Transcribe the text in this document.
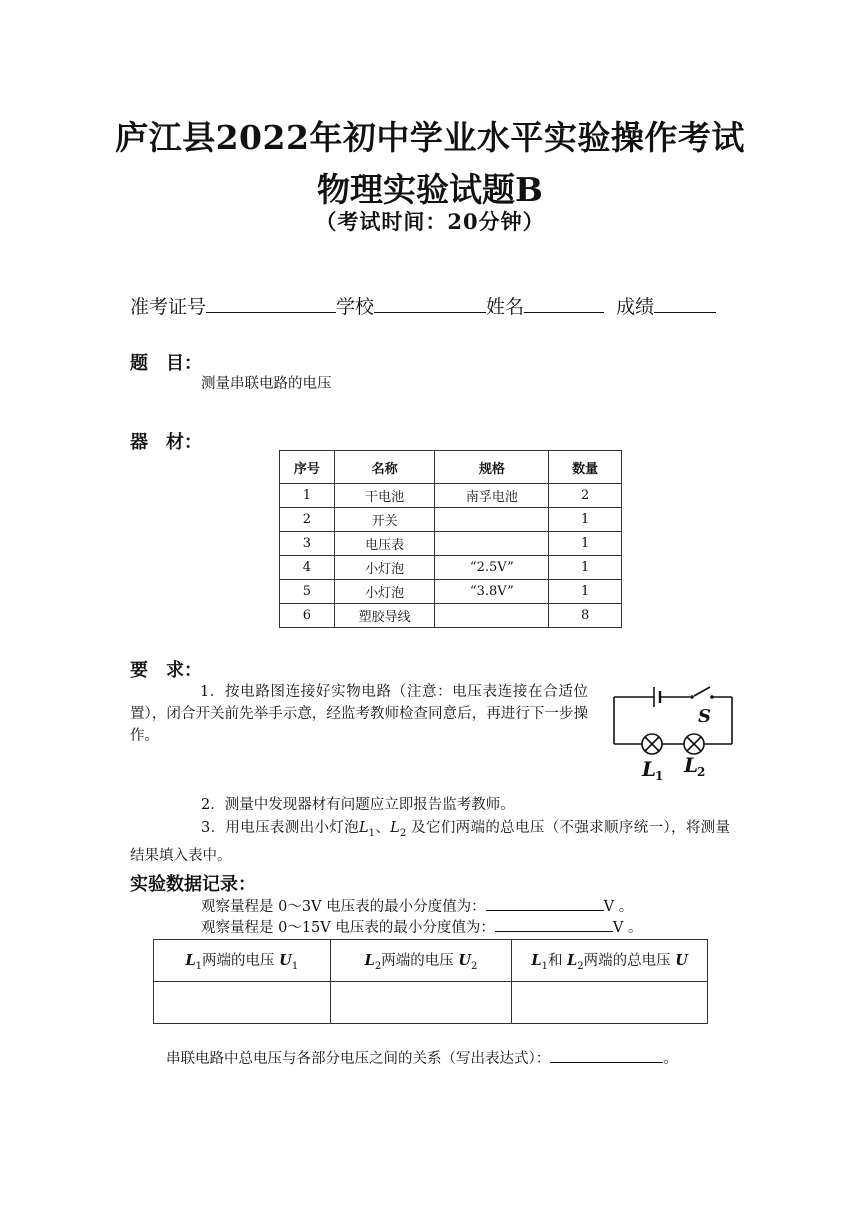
庐江县2022年初中学业水平实验操作考试
物理实验试题B
（考试时间：20分钟）
准考证号	学校	姓名	成绩
题　目：
测量串联电路的电压
器　材：
序号	名称	规格	数量
1	干电池	南孚电池	2
2	开关		1
3	电压表		1
4	小灯泡	“2.5V”	1
5	小灯泡	“3.8V”	1
6	塑胶导线		8
要　求：
1．按电路图连接好实物电路（注意：电压表连接在合适位置），闭合开关前先举手示意，经监考教师检查同意后，再进行下一步操作。
S
L
1 L
2
2．测量中发现器材有问题应立即报告监考教师。
3．用电压表测出小灯泡$L_1$、$L_2$ 及它们两端的总电压（不强求顺序统一），将测量结果填入表中。
实验数据记录：
观察量程是 0～3V 电压表的最小分度值为：	V 。
观察量程是 0～15V 电压表的最小分度值为：	V 。
$L_1$两端的电压 $U_1$	$L_2$两端的电压 $U_2$	$L_1$和 $L_2$两端的总电压 U

串联电路中总电压与各部分电压之间的关系（写出表达式）：	。
